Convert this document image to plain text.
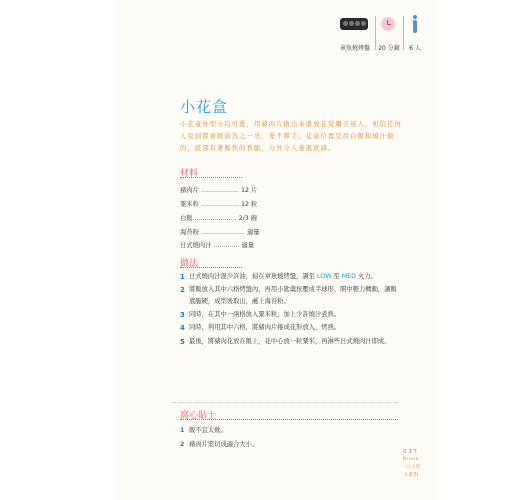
章魚燒烤盤	20 分鐘	6 人
小花盒
小花盒外型小巧可愛，用豬肉片做出來盛放花兒購美迷人，相信任何人見到都會眼前為之一亮，愛不釋手。花盒位置是用白飯和燒汁做的，底部有著飯焦的香脆，分外令人垂涎欲滴。
材料
豬肉片 ................... 12 片
粟米粒 ................... 12 粒
白飯...................... 2/3 碗
海苔粉 ...................... 適量
日式燒肉汁 ............. 適量
做法
1 日式燒肉汁混少許油，掃在章魚燒烤盤，調至 LOW 至 MED 火力。
2 將飯放入其中六格烤盤內，再用小匙羹按壓成半球形，開中輕力轉動，讓飯底脆硬，成型後取出，蘸上海苔粉。
3 同時，在其中一兩格放入粟米粒，加上少許燒汁煮熟。
4 同時，利用其中六格，將豬肉片捲成花形放入，烤熟。
5 最後，將豬肉花放在飯上，花中心放一粒粟米，再淋些日式燒肉汁即成。
窩心貼士
1 飯不宜太軟。
2 豬肉片需切成適合大小。
037
Bruno
一口小吃
大派對
